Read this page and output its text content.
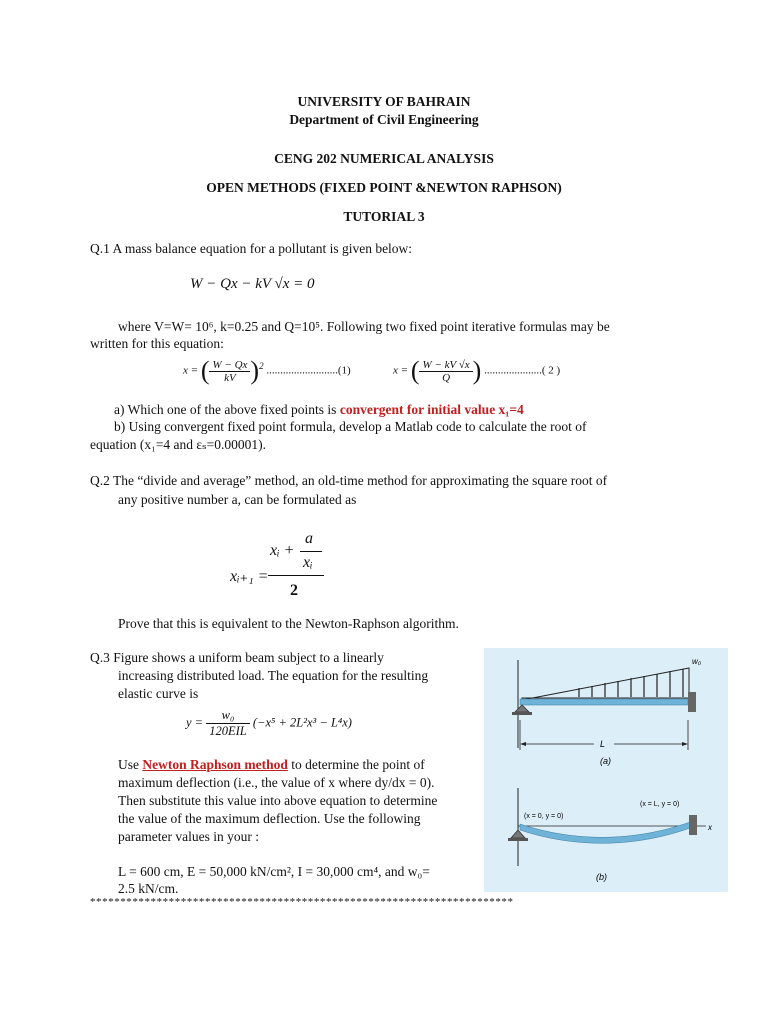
UNIVERSITY OF BAHRAIN
Department of Civil Engineering
CENG 202 NUMERICAL ANALYSIS
OPEN METHODS (FIXED POINT &NEWTON RAPHSON)
TUTORIAL 3
Q.1 A mass balance equation for a pollutant is given below:
W − Qx − kV √x = 0
where V=W= 10⁶, k=0.25 and Q=10⁵. Following two fixed point iterative formulas may be
written for this equation:
x = ( $\frac{W - Qx}{kV} )^2$ ..........................(1)	x = ( $\frac{W - kV √x}{Q}$ ) .....................( 2 )
a) Which one of the above fixed points is convergent for initial value x₁=4
b) Using convergent fixed point formula, develop a Matlab code to calculate the root of
equation (x₁=4 and εₛ=0.00001).
Q.2 The “divide and average” method, an old-time method for approximating the square root of
any positive number a, can be formulated as
xᵢ₊₁ =
xᵢ +
a
xᵢ
2
Prove that this is equivalent to the Newton-Raphson algorithm.
Q.3 Figure shows a uniform beam subject to a linearly
increasing distributed load. The equation for the resulting
elastic curve is
$y = \frac{\text{w₀}}{\text{120EIL}} (-x^5 + 2L^2x^3 - L^4x)$
Use Newton Raphson method to determine the point of
maximum deflection (i.e., the value of x where dy/dx = 0).
Then substitute this value into above equation to determine
the value of the maximum deflection. Use the following
parameter values in your :
L = 600 cm, E = 50,000 kN/cm², I = 30,000 cm⁴, and w₀=
2.5 kN/cm.
**********************************************************************
w₀
L
(a)
x
(x = 0, y = 0)
(x = L, y = 0)
(b)
